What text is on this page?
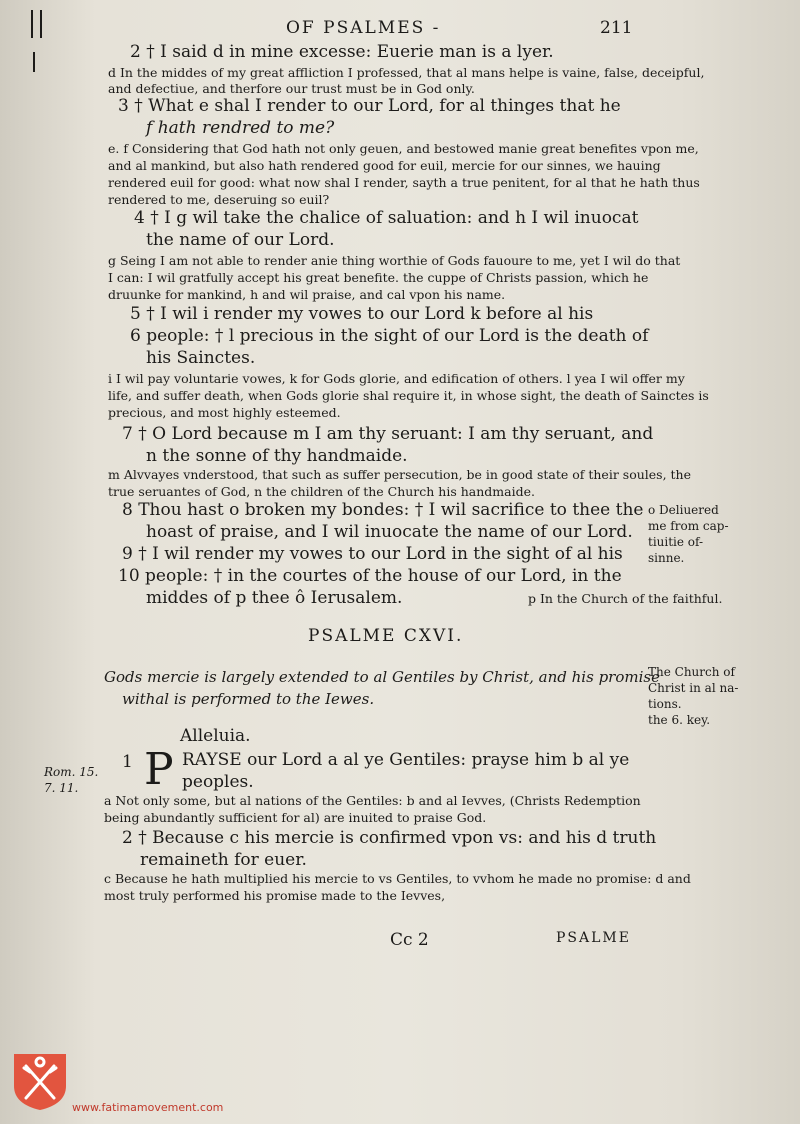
OF PSALMES -	211
2 † I said d in mine excesse: Euerie man is a lyer.
d In the middes of my great affliction I professed, that al mans helpe is vaine, false, deceipful,
and defectiue, and therfore our trust must be in God only.
3 † What e shal I render to our Lord, for al thinges that he
f hath rendred to me?
e. f Considering that God hath not only geuen, and bestowed manie great benefites vpon me,
and al mankind, but also hath rendered good for euil, mercie for our sinnes, we hauing
rendered euil for good: what now shal I render, sayth a true penitent, for al that he hath thus
rendered to me, deseruing so euil?
4 † I g wil take the chalice of saluation: and h I wil inuocat
the name of our Lord.
g Seing I am not able to render anie thing worthie of Gods fauoure to me, yet I wil do that
I can: I wil gratfully accept his great benefite. the cuppe of Christs passion, which he
druunke for mankind, h and wil praise, and cal vpon his name.
5 † I wil i render my vowes to our Lord k before al his
6 people: † l precious in the sight of our Lord is the death of
his Sainctes.
i I wil pay voluntarie vowes, k for Gods glorie, and edification of others. l yea I wil offer my
life, and suffer death, when Gods glorie shal require it, in whose sight, the death of Sainctes is
precious, and most highly esteemed.
7 † O Lord because m I am thy seruant: I am thy seruant, and
n the sonne of thy handmaide.
m Alvvayes vnderstood, that such as suffer persecution, be in good state of their soules, the
true seruantes of God, n the children of the Church his handmaide.
8 Thou hast o broken my bondes: † I wil sacrifice to thee the
hoast of praise, and I wil inuocate the name of our Lord.
9 † I wil render my vowes to our Lord in the sight of al his
10 people: † in the courtes of the house of our Lord, in the
middes of p thee ô Ierusalem.	p In the Church of the faithful.
o Deliuered
me from cap-
tiuitie of-
sinne.
PSALME CXVI.
Gods mercie is largely extended to al Gentiles by Christ, and his promise
withal is performed to the Iewes.
The Church of
Christ in al na-
tions.
the 6. key.
Alleluia.
Rom. 15.
7. 11.
1 P RAYSE our Lord a al ye Gentiles: prayse him b al ye
peoples.
a Not only some, but al nations of the Gentiles: b and al Ievves, (Christs Redemption
being abundantly sufficient for al) are inuited to praise God.
2 † Because c his mercie is confirmed vpon vs: and his d truth
remaineth for euer.
c Because he hath multiplied his mercie to vs Gentiles, to vvhom he made no promise: d and
most truly performed his promise made to the Ievves,
Cc 2	PSALME
www.fatimamovement.com
